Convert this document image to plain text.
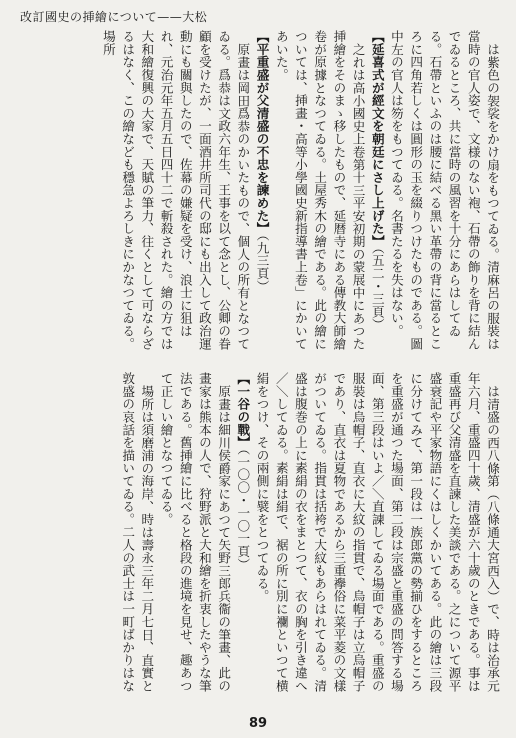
改訂國史の挿繪について——大松

は紫色の袈裟をかけ扇をもつてゐる。清麻呂の服裝は當時の官人姿で、文様のない袍、石帶の飾りを背に結んでゐるところ、共に當時の風習を十分にあらはしてゐる。石帶といふのは腰に結べる黑い革帶の背に當るところに四角若しくは圓形の玉を綴りつけたものである。圖中左の官人は笏をもつてゐる。名書たるを失はない。

【延喜式が經文を朝廷にさし上げた】（五二・三頁）

之れは高小國史上卷第十三平安初期の蒙展中にあつた挿繪をそのまゝ移したもので、延暦寺にある傳教大師繪卷が原據となつてゐる。土屋秀木の繪である。此の繪については、挿畫・高等小學國史新指導書上卷」にかいてあいた。

【平重盛が父清盛の不忠を諫めた】（九三頁）

原畫は岡田爲恭のかいたもので、個人の所有となつてゐる。爲恭は文政六年生、王事を以て念とし、公卿の眷顧を受けたが、一面酒井所司代の邸にも出入して政治運動にも關與したので、佐幕の嫌疑を受け、浪士に狙はれ、元治元年五月五日四十二で斬殺された。繪の方では大和繪復興の大家で、天賦の筆力、往くとして可ならざるはなく、この繪なども穩急よろしきにかなつてゐる。場所

は清盛の西八條第（八條通大宮西入）で、時は治承元年六月、重盛四十歲、清盛が六十歲のときである。事は重盛再び父清盛を直諫した美談である。之について源平盛衰記や平家物語にくはしくかいてある。此の繪は三段に分けてみて、第一段は一族郎黨の勢揃ひをするところを重盛が通つた場面、第二段は宗盛と重盛の問答する場面、第三段はいよ／＼直諫してゐる場面である。重盛の服裝は烏帽子、直衣に大紋の指貫で、烏帽子は立烏帽子であり、直衣は夏物であるから三重襷俗に菜平菱の文樣がついてゐる。指貫は括袴で大紋もあらはれてゐる。清盛は腹巻の上に素絹の衣をまとつて、衣の胸を引き違へ／＼してゐる。素絹は絹で、裾の所に別に襴といつて横絹をつけ、その兩側に襞をとつてゐる。

【一谷の戰】（一〇〇・一〇一頁）

原畫は細川侯爵家にあつて矢野三郎兵衞の筆畫、此の畫家は熊本の人で、狩野派と大和繪を折衷したやうな筆法である。舊挿繪に比べると格段の進境を見せ、趣あつて正しい繪となつてゐる。

場所は須磨浦の海岸、時は壽永三年二月七日、直實と敦盛の哀話を描いてゐる。二人の武士は一町ばかりはな

89
